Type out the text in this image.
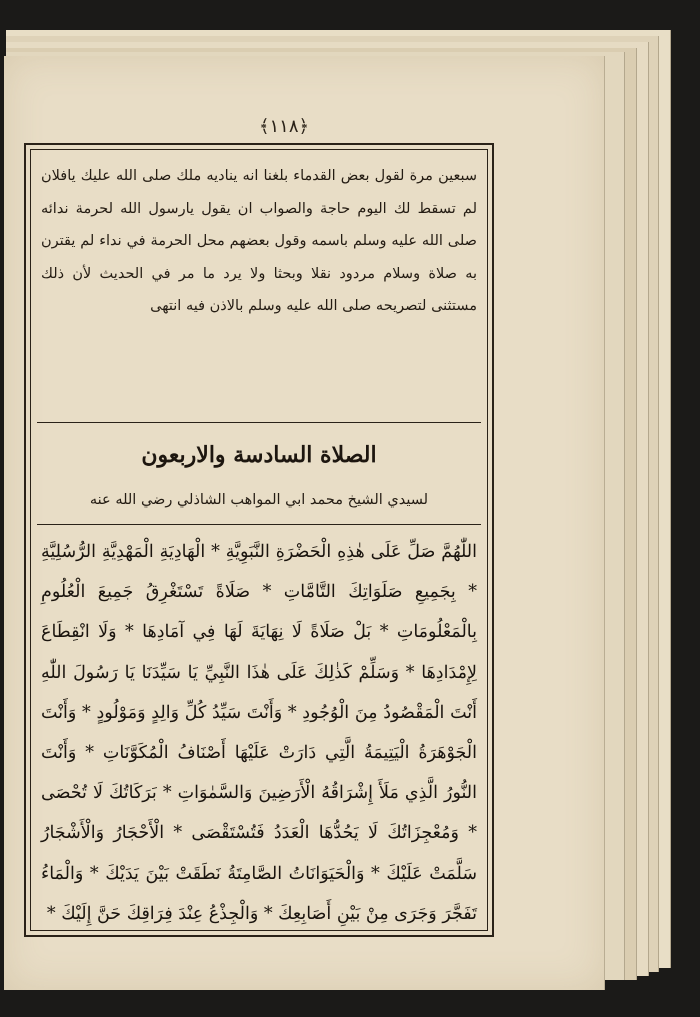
﴿١١٨﴾
سبعين مرة لقول بعض القدماء بلغنا انه يناديه ملك صلى الله عليك يافلان لم تسقط لك اليوم حاجة والصواب ان يقول يارسول الله لحرمة ندائه صلى الله عليه وسلم باسمه وقول بعضهم محل الحرمة في نداء لم يقترن به صلاة وسلام مردود نقلا وبحثا ولا يرد ما مر في الحديث لأن ذلك مستثنى لتصريحه صلى الله عليه وسلم بالاذن فيه انتهى
الصلاة السادسة والاربعون
لسيدي الشيخ محمد ابي المواهب الشاذلي رضي الله عنه
اللّٰهُمَّ صَلِّ عَلَى هٰذِهِ الْحَضْرَةِ النَّبَوِيَّةِ * الْهَادِيَةِ الْمَهْدِيَّةِ الرُّسُلِيَّةِ * بِجَمِيعِ صَلَوَاتِكَ التَّامَّاتِ * صَلَاةً تَسْتَغْرِقُ جَمِيعَ الْعُلُومِ بِالْمَعْلُومَاتِ * بَلْ صَلَاةً لَا نِهَايَةَ لَهَا فِي آمَادِهَا * وَلَا انْقِطَاعَ لِإِمْدَادِهَا * وَسَلِّمْ كَذٰلِكَ عَلَى هٰذَا النَّبِيِّ يَا سَيِّدَنَا يَا رَسُولَ اللّٰهِ أَنْتَ الْمَقْصُودُ مِنَ الْوُجُودِ * وَأَنْتَ سَيِّدُ كُلِّ وَالِدٍ وَمَوْلُودٍ * وَأَنْتَ الْجَوْهَرَةُ الْيَتِيمَةُ الَّتِي دَارَتْ عَلَيْهَا أَصْنَافُ الْمُكَوَّنَاتِ * وَأَنْتَ النُّورُ الَّذِي مَلَأَ إِشْرَاقُهُ الْأَرَضِينَ وَالسَّمٰوَاتِ * بَرَكَاتُكَ لَا تُحْصَى * وَمُعْجِزَاتُكَ لَا يَحُدُّهَا الْعَدَدُ فَتُسْتَقْصَى * الْأَحْجَارُ وَالْأَشْجَارُ سَلَّمَتْ عَلَيْكَ * وَالْحَيَوَانَاتُ الصَّامِتَةُ نَطَقَتْ بَيْنَ يَدَيْكَ * وَالْمَاءُ تَفَجَّرَ وَجَرَى مِنْ بَيْنِ أَصَابِعِكَ * وَالْجِذْعُ عِنْدَ فِرَاقِكَ حَنَّ إِلَيْكَ *
